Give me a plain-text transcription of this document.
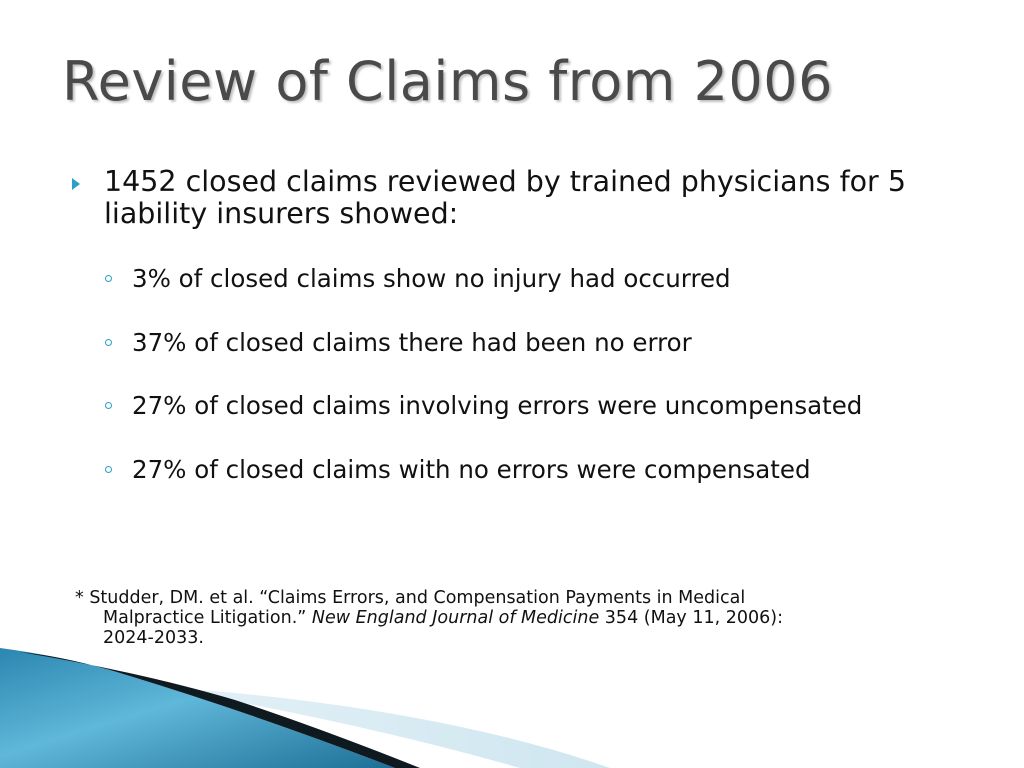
Review of Claims from 2006

1452 closed claims reviewed by trained physicians for 5 liability insurers showed:

3% of closed claims show no injury had occurred
37% of closed claims there had been no error
27% of closed claims involving errors were uncompensated
27% of closed claims with no errors were compensated
* Studder, DM. et al. “Claims Errors, and Compensation Payments in Medical
Malpractice Litigation.” New England Journal of Medicine 354 (May 11, 2006):
2024-2033.
